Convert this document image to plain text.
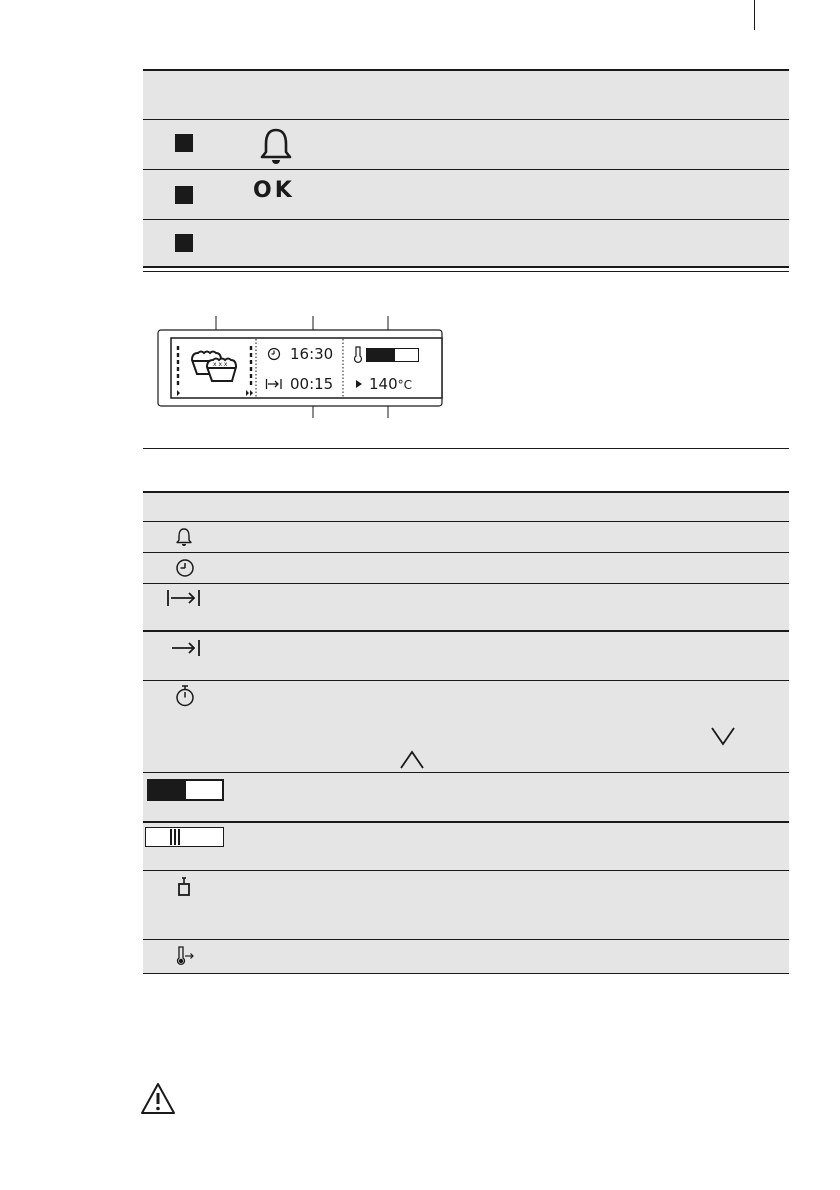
OK
x x x
16:30
00:15 140°C
